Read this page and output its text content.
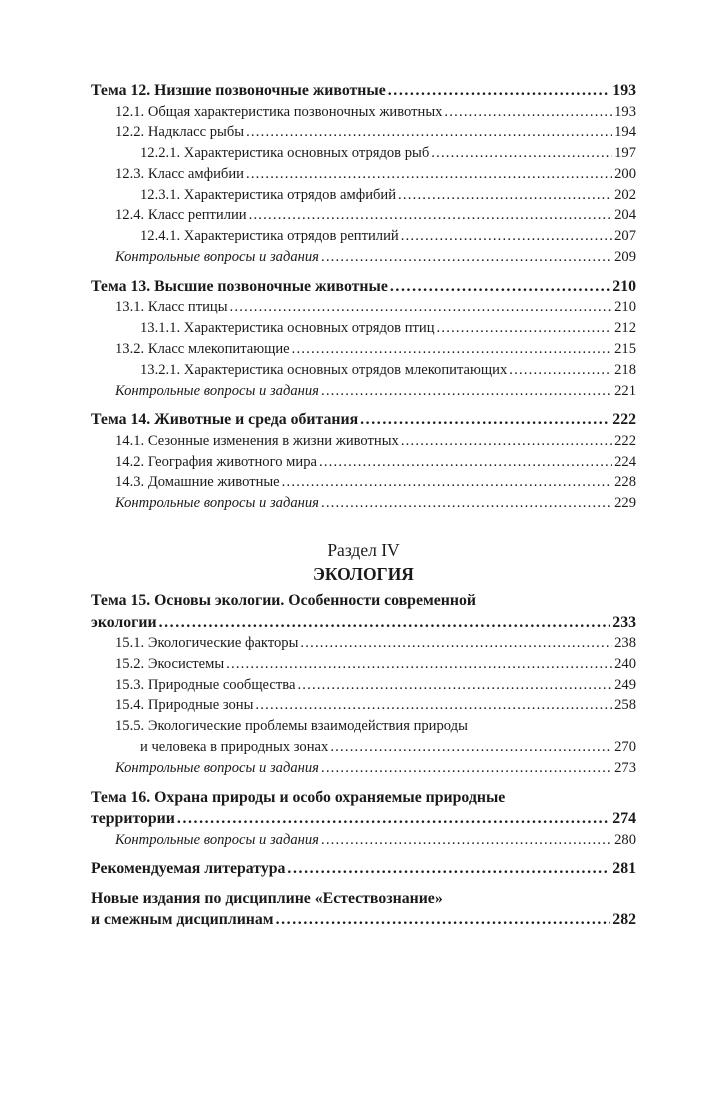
Тема 12. Низшие позвоночные животные .....	193
12.1. Общая характеристика позвоночных животных .....	193
12.2. Надкласс рыбы .....	194
12.2.1. Характеристика основных отрядов рыб .....	197
12.3. Класс амфибии .....	200
12.3.1. Характеристика отрядов амфибий .....	202
12.4. Класс рептилии .....	204
12.4.1. Характеристика отрядов рептилий .....	207
Контрольные вопросы и задания .....	209
Тема 13. Высшие позвоночные животные .....	210
13.1. Класс птицы .....	210
13.1.1. Характеристика основных отрядов птиц .....	212
13.2. Класс млекопитающие .....	215
13.2.1. Характеристика основных отрядов млекопитающих .....	218
Контрольные вопросы и задания .....	221
Тема 14. Животные и среда обитания .....	222
14.1. Сезонные изменения в жизни животных .....	222
14.2. География животного мира .....	224
14.3. Домашние животные .....	228
Контрольные вопросы и задания .....	229
Раздел IV
ЭКОЛОГИЯ
Тема 15. Основы экологии. Особенности современной
экологии .....	233
15.1. Экологические факторы .....	238
15.2. Экосистемы .....	240
15.3. Природные сообщества .....	249
15.4. Природные зоны .....	258
15.5. Экологические проблемы взаимодействия природы
и человека в природных зонах .....	270
Контрольные вопросы и задания .....	273
Тема 16. Охрана природы и особо охраняемые природные
территории .....	274
Контрольные вопросы и задания .....	280
Рекомендуемая литература .....	281
Новые издания по дисциплине «Естествознание»
и смежным дисциплинам .....	282
